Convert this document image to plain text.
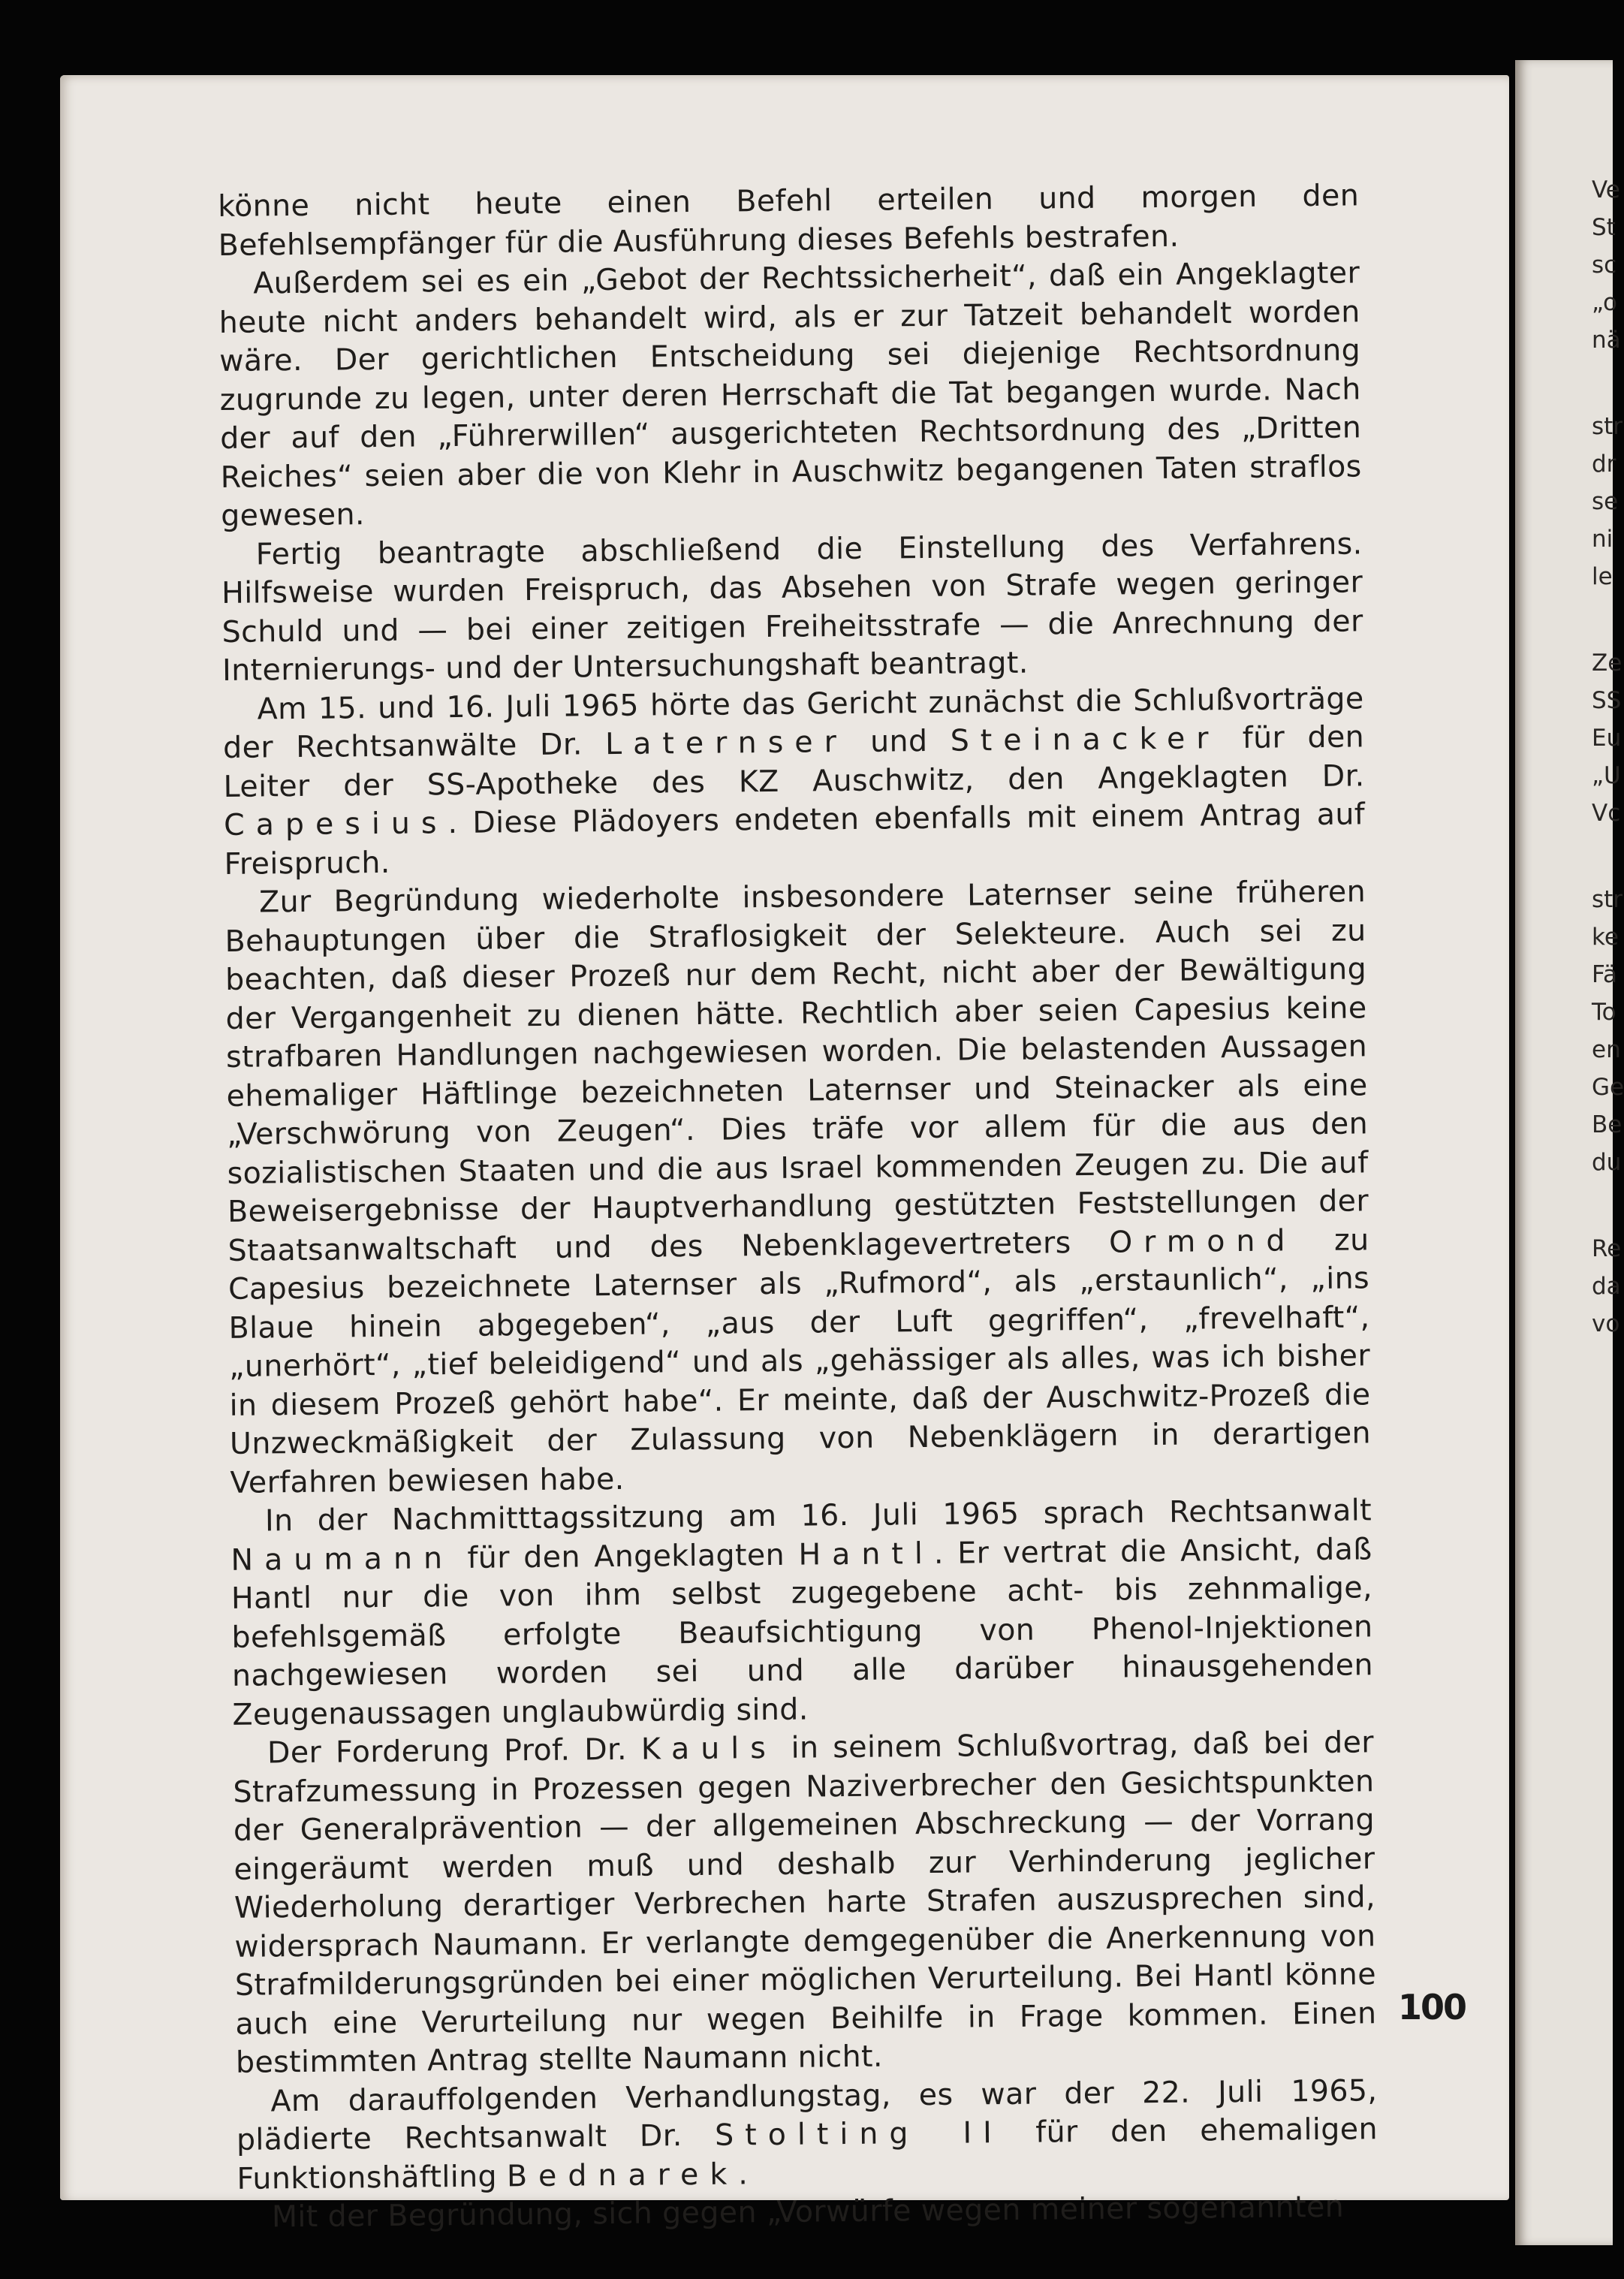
könne nicht heute einen Befehl erteilen und morgen den Befehlsempfänger für die Ausführung dieses Befehls bestrafen.

Außerdem sei es ein „Gebot der Rechtssicherheit“, daß ein Angeklagter heute nicht anders behandelt wird, als er zur Tatzeit behandelt worden wäre. Der gerichtlichen Entscheidung sei diejenige Rechtsordnung zugrunde zu legen, unter deren Herrschaft die Tat begangen wurde. Nach der auf den „Führerwillen“ ausgerichteten Rechtsordnung des „Dritten Reiches“ seien aber die von Klehr in Auschwitz begangenen Taten straflos gewesen.

Fertig beantragte abschließend die Einstellung des Verfahrens. Hilfsweise wurden Freispruch, das Absehen von Strafe wegen geringer Schuld und — bei einer zeitigen Freiheitsstrafe — die Anrechnung der Internierungs- und der Untersuchungshaft beantragt.

Am 15. und 16. Juli 1965 hörte das Gericht zunächst die Schlußvorträge der Rechtsanwälte Dr. Laternser und Steinacker für den Leiter der SS-Apotheke des KZ Auschwitz, den Angeklagten Dr. Capesius. Diese Plädoyers endeten ebenfalls mit einem Antrag auf Freispruch.

Zur Begründung wiederholte insbesondere Laternser seine früheren Behauptungen über die Straflosigkeit der Selekteure. Auch sei zu beachten, daß dieser Prozeß nur dem Recht, nicht aber der Bewältigung der Vergangenheit zu dienen hätte. Rechtlich aber seien Capesius keine strafbaren Handlungen nachgewiesen worden. Die belastenden Aussagen ehemaliger Häftlinge bezeichneten Laternser und Steinacker als eine „Verschwörung von Zeugen“. Dies träfe vor allem für die aus den sozialistischen Staaten und die aus Israel kommenden Zeugen zu. Die auf Beweisergebnisse der Hauptverhandlung gestützten Feststellungen der Staatsanwaltschaft und des Nebenklagevertreters Ormond zu Capesius bezeichnete Laternser als „Rufmord“, als „erstaunlich“, „ins Blaue hinein abgegeben“, „aus der Luft gegriffen“, „frevelhaft“, „unerhört“, „tief beleidigend“ und als „gehässiger als alles, was ich bisher in diesem Prozeß gehört habe“. Er meinte, daß der Auschwitz-Prozeß die Unzweckmäßigkeit der Zulassung von Nebenklägern in derartigen Verfahren bewiesen habe.

In der Nachmitttagssitzung am 16. Juli 1965 sprach Rechtsanwalt Naumann für den Angeklagten Hantl. Er vertrat die Ansicht, daß Hantl nur die von ihm selbst zugegebene acht- bis zehnmalige, befehlsgemäß erfolgte Beaufsichtigung von Phenol-Injektionen nachgewiesen worden sei und alle darüber hinausgehenden Zeugenaussagen unglaubwürdig sind.

Der Forderung Prof. Dr. Kauls in seinem Schlußvortrag, daß bei der Strafzumessung in Prozessen gegen Naziverbrecher den Gesichtspunkten der Generalprävention — der allgemeinen Abschreckung — der Vorrang eingeräumt werden muß und deshalb zur Verhinderung jeglicher Wiederholung derartiger Verbrechen harte Strafen auszusprechen sind, widersprach Naumann. Er verlangte demgegenüber die Anerkennung von Strafmilderungsgründen bei einer möglichen Verurteilung. Bei Hantl könne auch eine Verurteilung nur wegen Beihilfe in Frage kommen. Einen bestimmten Antrag stellte Naumann nicht.

Am darauffolgenden Verhandlungstag, es war der 22. Juli 1965, plädierte Rechtsanwalt Dr. Stolting II für den ehemaligen Funktionshäftling Bednarek.

Mit der Begründung, sich gegen „Vorwürfe wegen meiner sogenannten

100
Ve
St
sc
„o
nä
str
dr
se
ni
le
Ze
SS
Eu
„U
Vc
str
ke
Fä
To
en
Ge
Be
du
Re
da
vo
